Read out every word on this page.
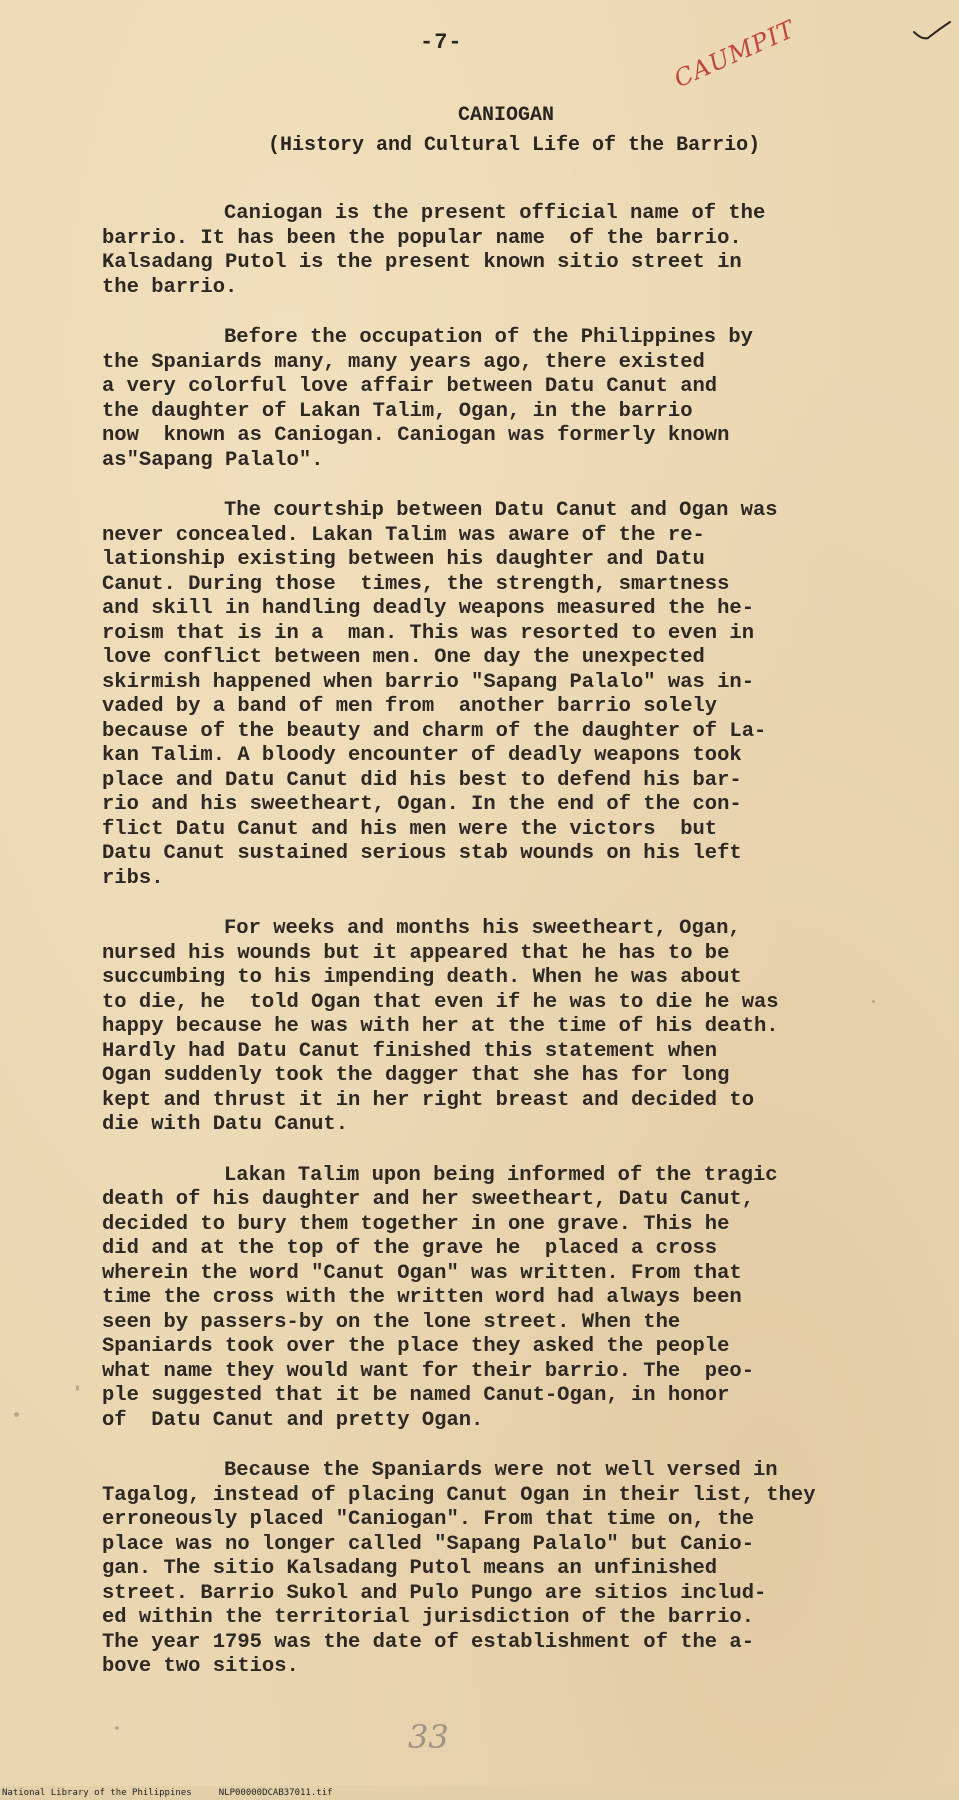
-7-	CAUMPIT
CANIOGAN
(History and Cultural Life of the Barrio)
Caniogan is the present official name of the
barrio. It has been the popular name  of the barrio.
Kalsadang Putol is the present known sitio street in
the barrio.
Before the occupation of the Philippines by
the Spaniards many, many years ago, there existed
a very colorful love affair between Datu Canut and
the daughter of Lakan Talim, Ogan, in the barrio
now  known as Caniogan. Caniogan was formerly known
as"Sapang Palalo".
The courtship between Datu Canut and Ogan was
never concealed. Lakan Talim was aware of the re-
lationship existing between his daughter and Datu
Canut. During those  times, the strength, smartness
and skill in handling deadly weapons measured the he-
roism that is in a  man. This was resorted to even in
love conflict between men. One day the unexpected
skirmish happened when barrio "Sapang Palalo" was in-
vaded by a band of men from  another barrio solely
because of the beauty and charm of the daughter of La-
kan Talim. A bloody encounter of deadly weapons took
place and Datu Canut did his best to defend his bar-
rio and his sweetheart, Ogan. In the end of the con-
flict Datu Canut and his men were the victors  but
Datu Canut sustained serious stab wounds on his left
ribs.
For weeks and months his sweetheart, Ogan,
nursed his wounds but it appeared that he has to be
succumbing to his impending death. When he was about
to die, he  told Ogan that even if he was to die he was
happy because he was with her at the time of his death.
Hardly had Datu Canut finished this statement when
Ogan suddenly took the dagger that she has for long
kept and thrust it in her right breast and decided to
die with Datu Canut.
Lakan Talim upon being informed of the tragic
death of his daughter and her sweetheart, Datu Canut,
decided to bury them together in one grave. This he
did and at the top of the grave he  placed a cross
wherein the word "Canut Ogan" was written. From that
time the cross with the written word had always been
seen by passers-by on the lone street. When the
Spaniards took over the place they asked the people
what name they would want for their barrio. The  peo-
ple suggested that it be named Canut-Ogan, in honor
of  Datu Canut and pretty Ogan.
Because the Spaniards were not well versed in
Tagalog, instead of placing Canut Ogan in their list, they
erroneously placed "Caniogan". From that time on, the
place was no longer called "Sapang Palalo" but Canio-
gan. The sitio Kalsadang Putol means an unfinished
street. Barrio Sukol and Pulo Pungo are sitios includ-
ed within the territorial jurisdiction of the barrio.
The year 1795 was the date of establishment of the a-
bove two sitios.
33
National Library of the Philippines     NLP00000DCAB37011.tif
